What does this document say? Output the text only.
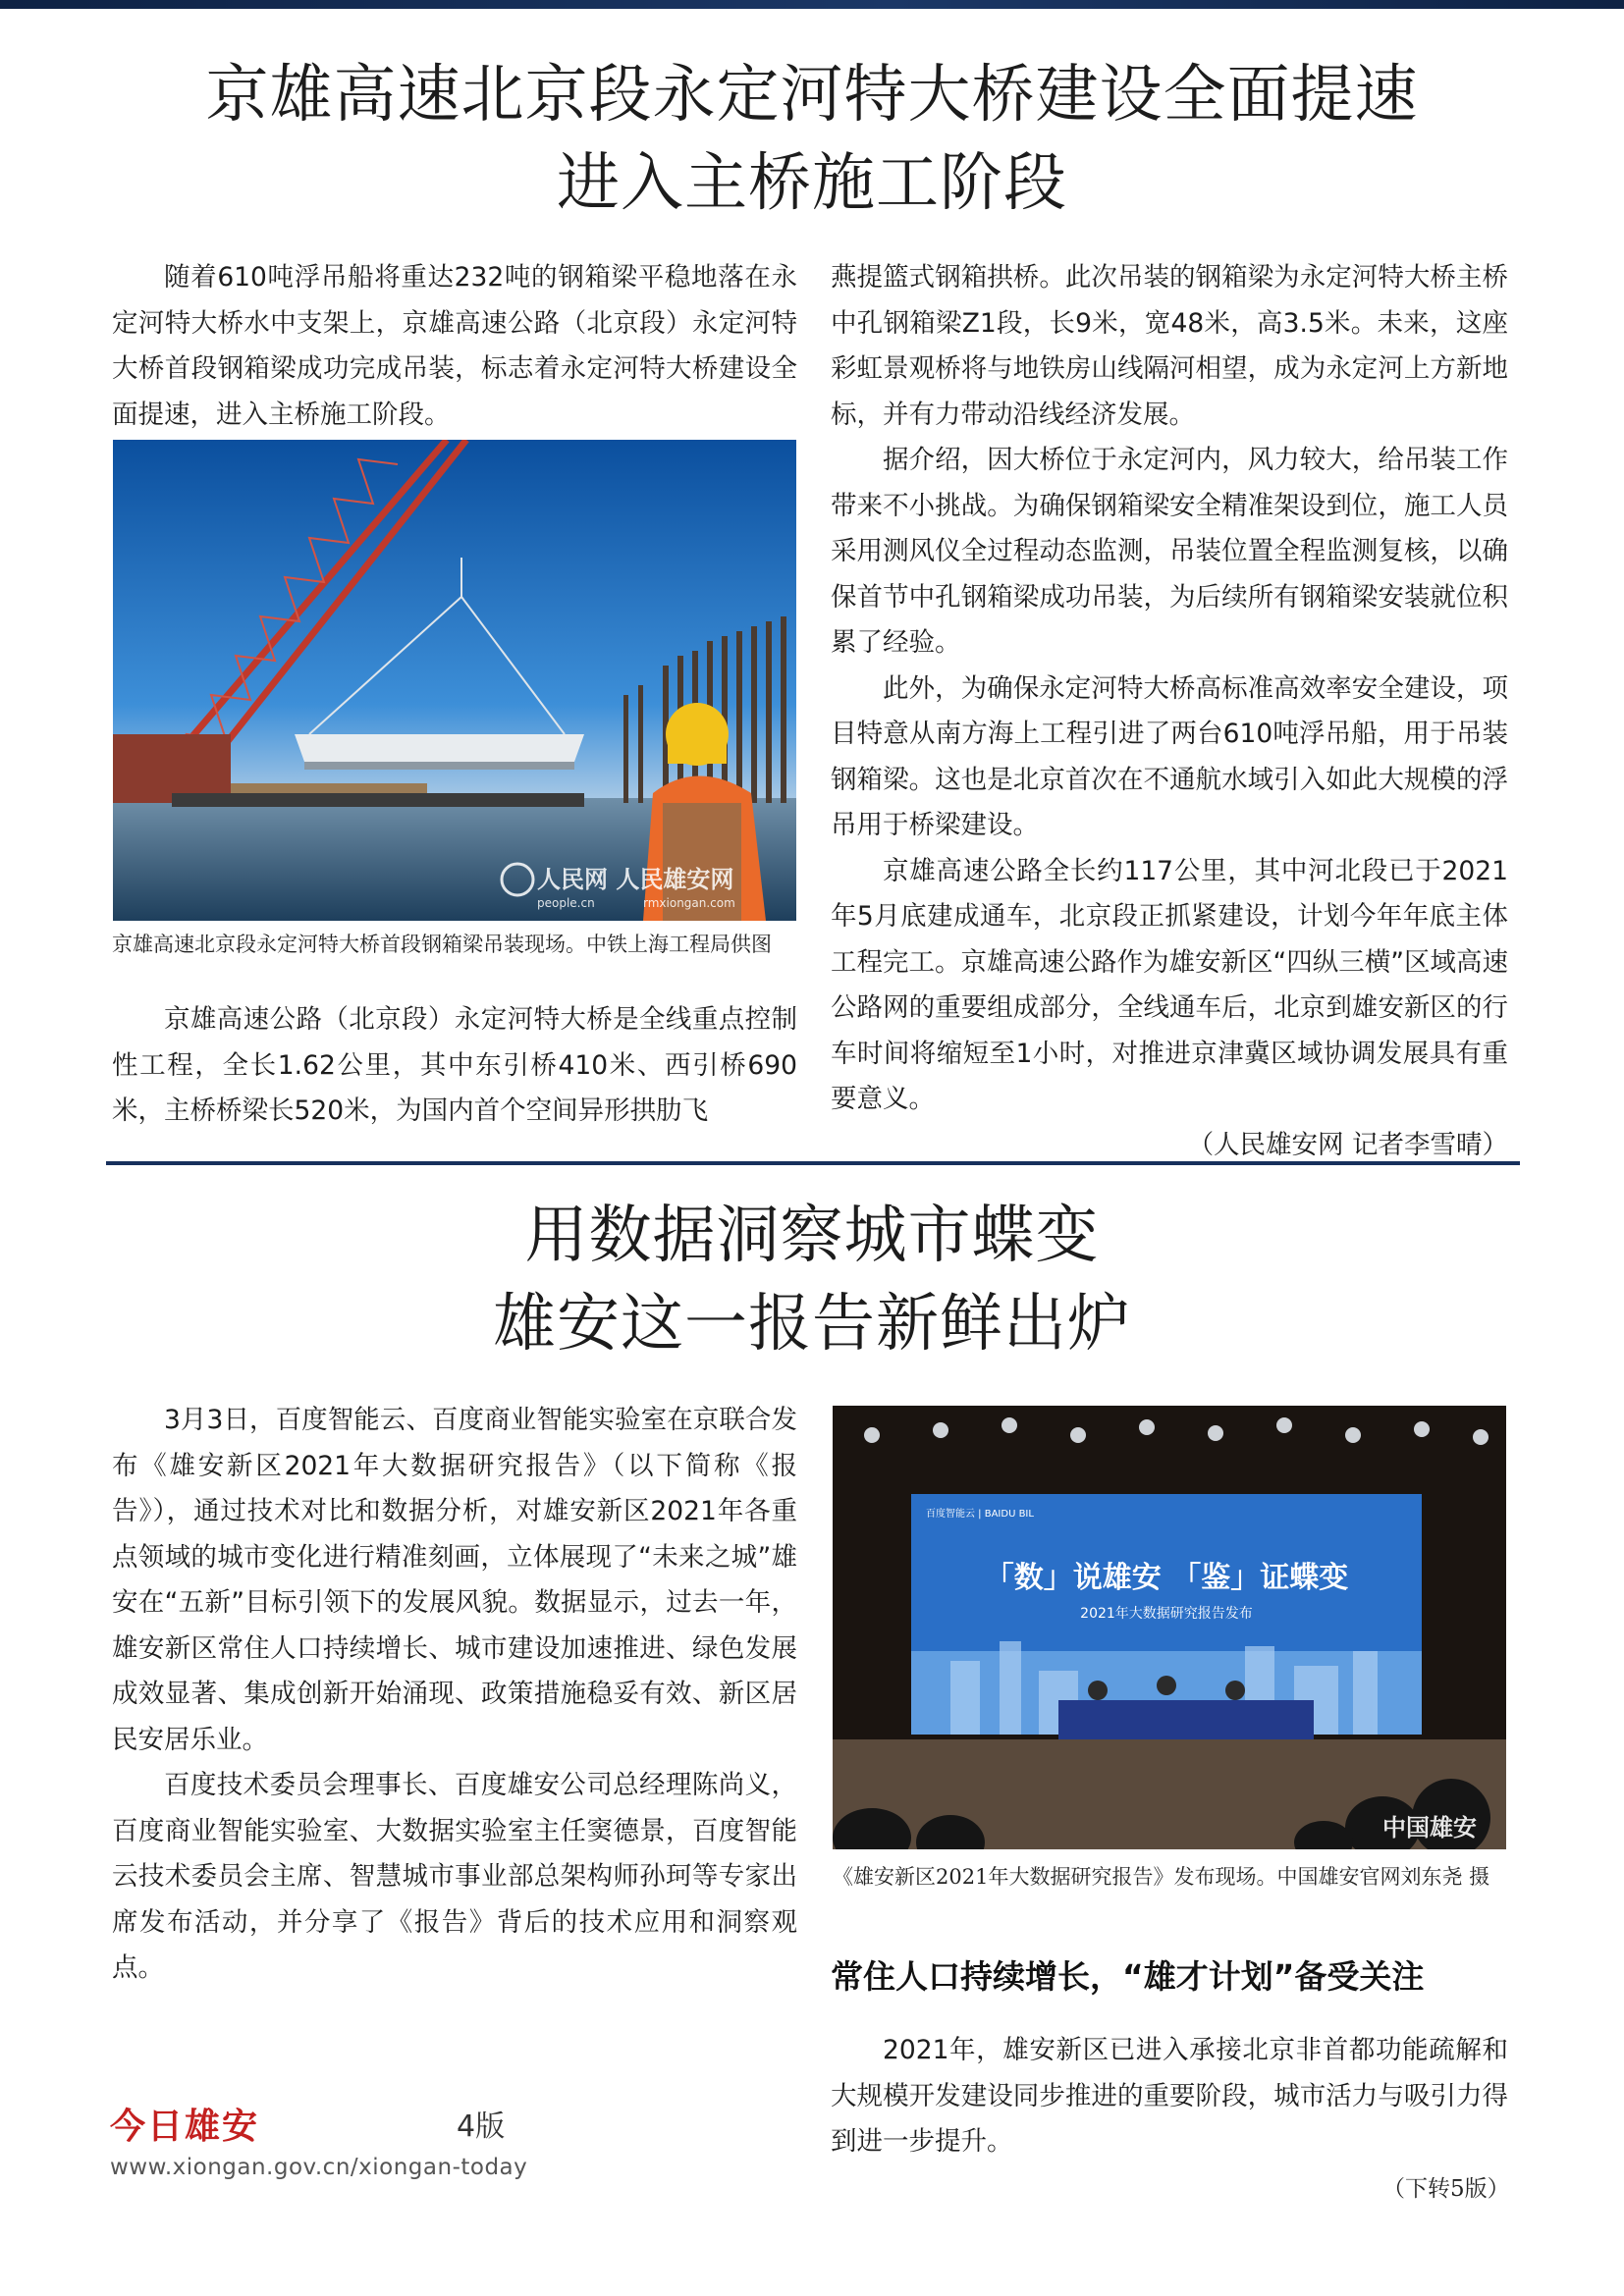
京雄高速北京段永定河特大桥建设全面提速
进入主桥施工阶段

随着610吨浮吊船将重达232吨的钢箱梁平稳地落在永定河特大桥水中支架上，京雄高速公路（北京段）永定河特大桥首段钢箱梁成功完成吊装，标志着永定河特大桥建设全面提速，进入主桥施工阶段。

人民网 人民雄安网
people.cn	rmxiongan.com
京雄高速北京段永定河特大桥首段钢箱梁吊装现场。中铁上海工程局供图

京雄高速公路（北京段）永定河特大桥是全线重点控制性工程，全长1.62公里，其中东引桥410米、西引桥690米，主桥桥梁长520米，为国内首个空间异形拱肋飞

燕提篮式钢箱拱桥。此次吊装的钢箱梁为永定河特大桥主桥中孔钢箱梁Z1段，长9米，宽48米，高3.5米。未来，这座彩虹景观桥将与地铁房山线隔河相望，成为永定河上方新地标，并有力带动沿线经济发展。

据介绍，因大桥位于永定河内，风力较大，给吊装工作带来不小挑战。为确保钢箱梁安全精准架设到位，施工人员采用测风仪全过程动态监测，吊装位置全程监测复核，以确保首节中孔钢箱梁成功吊装，为后续所有钢箱梁安装就位积累了经验。

此外，为确保永定河特大桥高标准高效率安全建设，项目特意从南方海上工程引进了两台610吨浮吊船，用于吊装钢箱梁。这也是北京首次在不通航水域引入如此大规模的浮吊用于桥梁建设。

京雄高速公路全长约117公里，其中河北段已于2021年5月底建成通车，北京段正抓紧建设，计划今年年底主体工程完工。京雄高速公路作为雄安新区“四纵三横”区域高速公路网的重要组成部分，全线通车后，北京到雄安新区的行车时间将缩短至1小时，对推进京津冀区域协调发展具有重要意义。

（人民雄安网 记者李雪晴）
用数据洞察城市蝶变
雄安这一报告新鲜出炉

3月3日，百度智能云、百度商业智能实验室在京联合发布《雄安新区2021年大数据研究报告》（以下简称《报告》），通过技术对比和数据分析，对雄安新区2021年各重点领域的城市变化进行精准刻画，立体展现了“未来之城”雄安在“五新”目标引领下的发展风貌。数据显示，过去一年，雄安新区常住人口持续增长、城市建设加速推进、绿色发展成效显著、集成创新开始涌现、政策措施稳妥有效、新区居民安居乐业。

百度技术委员会理事长、百度雄安公司总经理陈尚义，百度商业智能实验室、大数据实验室主任窦德景，百度智能云技术委员会主席、智慧城市事业部总架构师孙珂等专家出席发布活动，并分享了《报告》背后的技术应用和洞察观点。

百度智能云 | BAIDU BIL
「数」说雄安 「鉴」证蝶变
2021年大数据研究报告发布
中国雄安
《雄安新区2021年大数据研究报告》发布现场。中国雄安官网刘东尧 摄
常住人口持续增长，“雄才计划”备受关注

2021年，雄安新区已进入承接北京非首都功能疏解和大规模开发建设同步推进的重要阶段，城市活力与吸引力得到进一步提升。

今日雄安	4版
www.xiongan.gov.cn/xiongan-today
（下转5版）
